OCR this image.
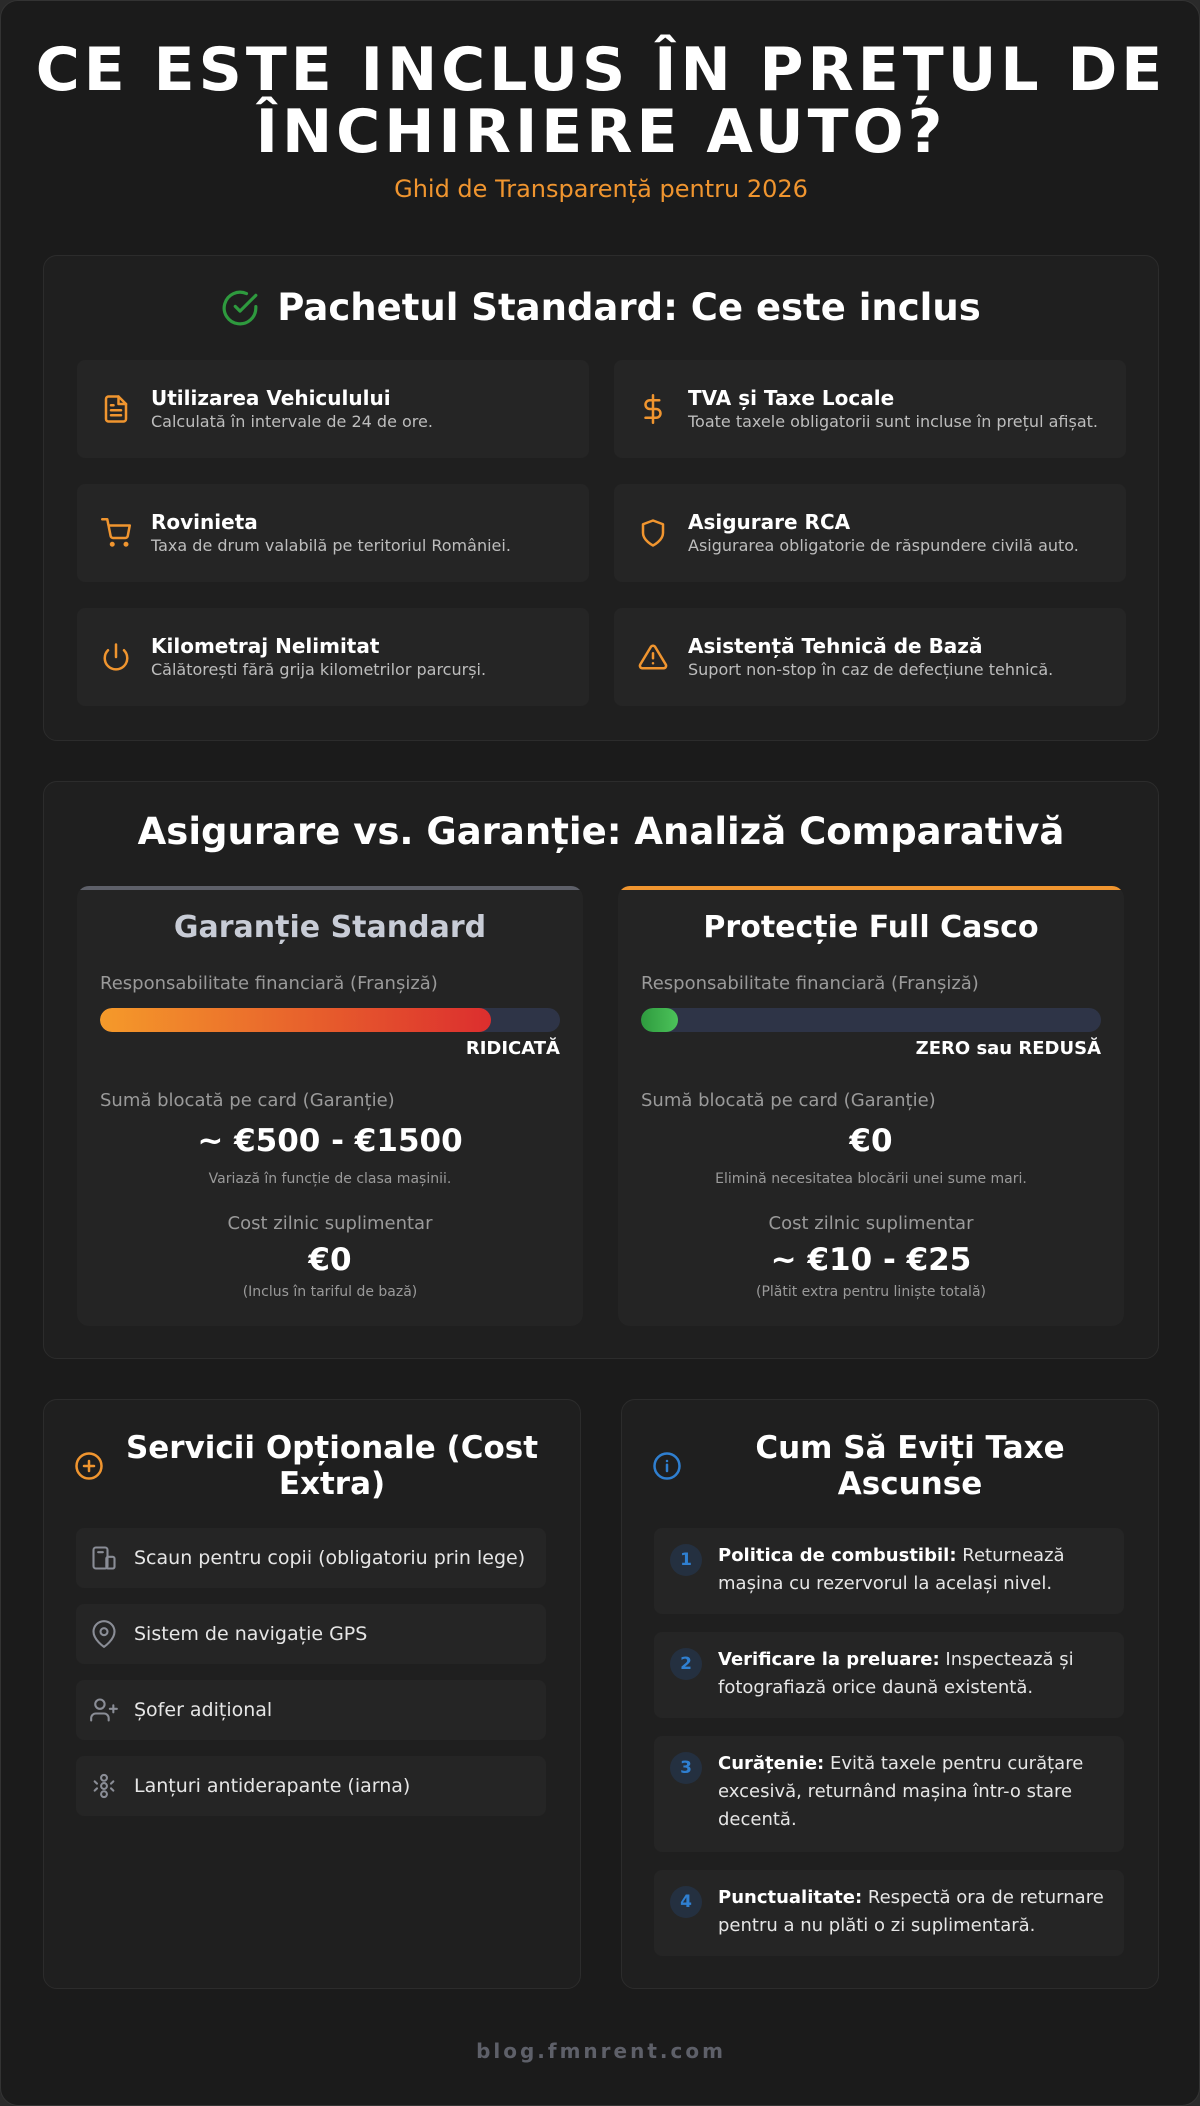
CE ESTE INCLUS ÎN PREȚUL DE
ÎNCHIRIERE AUTO?
Ghid de Transparență pentru 2026
Pachetul Standard: Ce este inclus
Utilizarea Vehiculului
Calculată în intervale de 24 de ore.
TVA și Taxe Locale
Toate taxele obligatorii sunt incluse în prețul afișat.
Rovinieta
Taxa de drum valabilă pe teritoriul României.
Asigurare RCA
Asigurarea obligatorie de răspundere civilă auto.
Kilometraj Nelimitat
Călătorești fără grija kilometrilor parcurși.
Asistență Tehnică de Bază
Suport non-stop în caz de defecțiune tehnică.
Asigurare vs. Garanție: Analiză Comparativă
Garanție Standard
Responsabilitate financiară (Franșiză)
RIDICATĂ
Sumă blocată pe card (Garanție)
~ €500 - €1500
Variază în funcție de clasa mașinii.
Cost zilnic suplimentar
€0
(Inclus în tariful de bază)
Protecție Full Casco
Responsabilitate financiară (Franșiză)
ZERO sau REDUSĂ
Sumă blocată pe card (Garanție)
€0
Elimină necesitatea blocării unei sume mari.
Cost zilnic suplimentar
~ €10 - €25
(Plătit extra pentru liniște totală)
Servicii Opționale (Cost Extra)
Scaun pentru copii (obligatoriu prin lege)
Sistem de navigație GPS
Șofer adițional
Lanțuri antiderapante (iarna)
Cum Să Eviți Taxe Ascunse
1	Politica de combustibil: Returnează mașina cu rezervorul la același nivel.
2	Verificare la preluare: Inspectează și fotografiază orice daună existentă.
3	Curățenie: Evită taxele pentru curățare excesivă, returnând mașina într-o stare decentă.
4	Punctualitate: Respectă ora de returnare pentru a nu plăti o zi suplimentară.
blog.fmnrent.com
